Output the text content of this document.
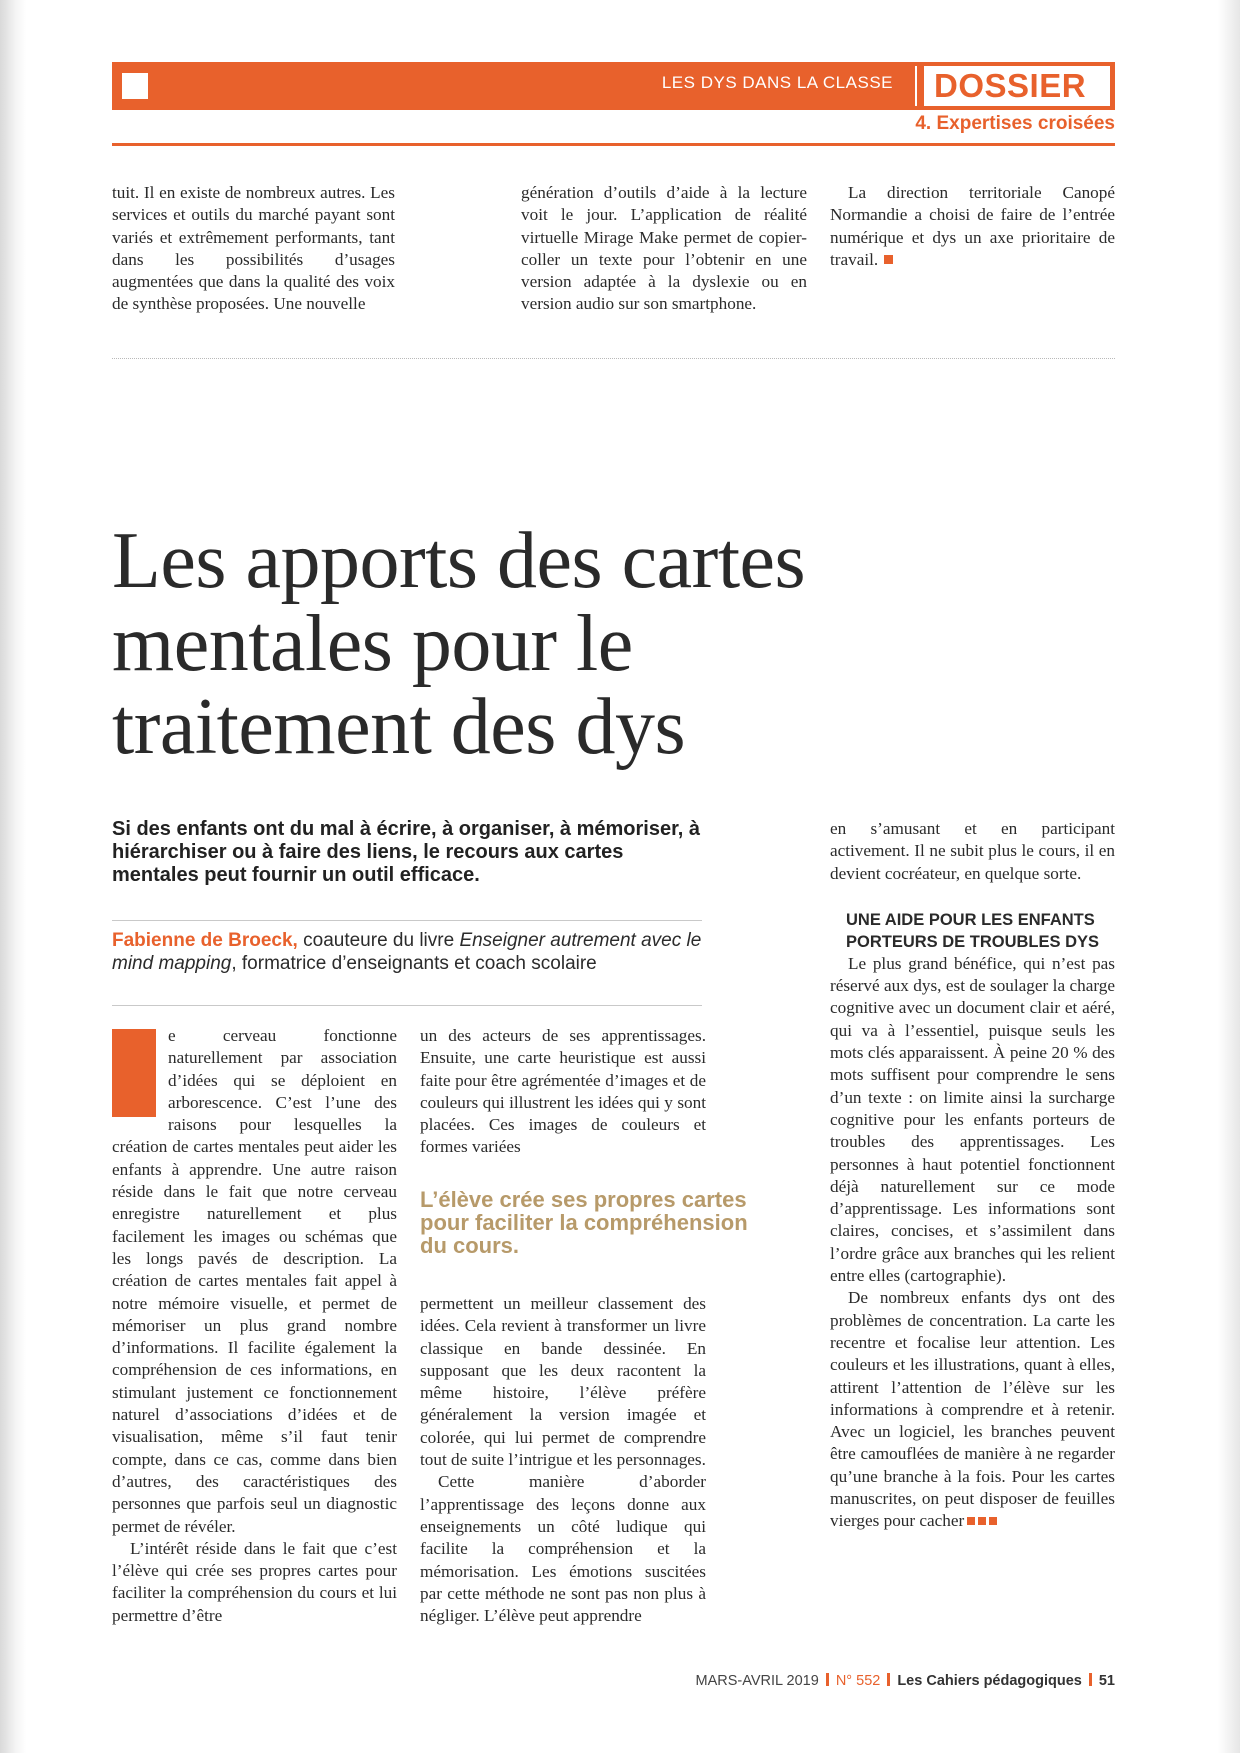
LES DYS DANS LA CLASSE DOSSIER
4. Expertises croisées

tuit. Il en existe de nombreux autres. Les services et outils du marché payant sont variés et extrêmement performants, tant dans les possibilités d’usages augmentées que dans la qualité des voix de synthèse proposées. Une nouvelle

génération d’outils d’aide à la lecture voit le jour. L’application de réalité virtuelle Mirage Make permet de copier-coller un texte pour l’obtenir en une version adaptée à la dyslexie ou en version audio sur son smartphone.

La direction territoriale Canopé Normandie a choisi de faire de l’entrée numérique et dys un axe prioritaire de travail.

Les apports des cartes
mentales pour le
traitement des dys
Si des enfants ont du mal à écrire, à organiser, à mémoriser, à hiérarchiser ou à faire des liens, le recours aux cartes mentales peut fournir un outil efficace.
Fabienne de Broeck, coauteure du livre Enseigner autrement avec le mind mapping, formatrice d’enseignants et coach scolaire

e cerveau fonctionne naturellement par association d’idées qui se déploient en arborescence. C’est l’une des raisons pour lesquelles la création de cartes mentales peut aider les enfants à apprendre. Une autre raison réside dans le fait que notre cerveau enregistre naturellement et plus facilement les images ou schémas que les longs pavés de description. La création de cartes mentales fait appel à notre mémoire visuelle, et permet de mémoriser un plus grand nombre d’informations. Il facilite également la compréhension de ces informations, en stimulant justement ce fonctionnement naturel d’associations d’idées et de visualisation, même s’il faut tenir compte, dans ce cas, comme dans bien d’autres, des caractéristiques des personnes que parfois seul un diagnostic permet de révéler.

L’intérêt réside dans le fait que c’est l’élève qui crée ses propres cartes pour faciliter la compréhension du cours et lui permettre d’être

un des acteurs de ses apprentissages. Ensuite, une carte heuristique est aussi faite pour être agrémentée d’images et de couleurs qui illustrent les idées qui y sont placées. Ces images de couleurs et formes variées

L’élève crée ses propres cartes pour faciliter la compréhension du cours.

permettent un meilleur classement des idées. Cela revient à transformer un livre classique en bande dessinée. En supposant que les deux racontent la même histoire, l’élève préfère généralement la version imagée et colorée, qui lui permet de comprendre tout de suite l’intrigue et les personnages.

Cette manière d’aborder l’apprentissage des leçons donne aux enseignements un côté ludique qui facilite la compréhension et la mémorisation. Les émotions suscitées par cette méthode ne sont pas non plus à négliger. L’élève peut apprendre

en s’amusant et en participant activement. Il ne subit plus le cours, il en devient cocréateur, en quelque sorte.

UNE AIDE POUR LES ENFANTS PORTEURS DE TROUBLES DYS

Le plus grand bénéfice, qui n’est pas réservé aux dys, est de soulager la charge cognitive avec un document clair et aéré, qui va à l’essentiel, puisque seuls les mots clés apparaissent. À peine 20 % des mots suffisent pour comprendre le sens d’un texte : on limite ainsi la surcharge cognitive pour les enfants porteurs de troubles des apprentissages. Les personnes à haut potentiel fonctionnent déjà naturellement sur ce mode d’apprentissage. Les informations sont claires, concises, et s’assimilent dans l’ordre grâce aux branches qui les relient entre elles (cartographie).

De nombreux enfants dys ont des problèmes de concentration. La carte les recentre et focalise leur attention. Les couleurs et les illustrations, quant à elles, attirent l’attention de l’élève sur les informations à comprendre et à retenir. Avec un logiciel, les branches peuvent être camouflées de manière à ne regarder qu’une branche à la fois. Pour les cartes manuscrites, on peut disposer de feuilles vierges pour cacher

MARS-AVRIL 2019 N° 552 Les Cahiers pédagogiques 51
